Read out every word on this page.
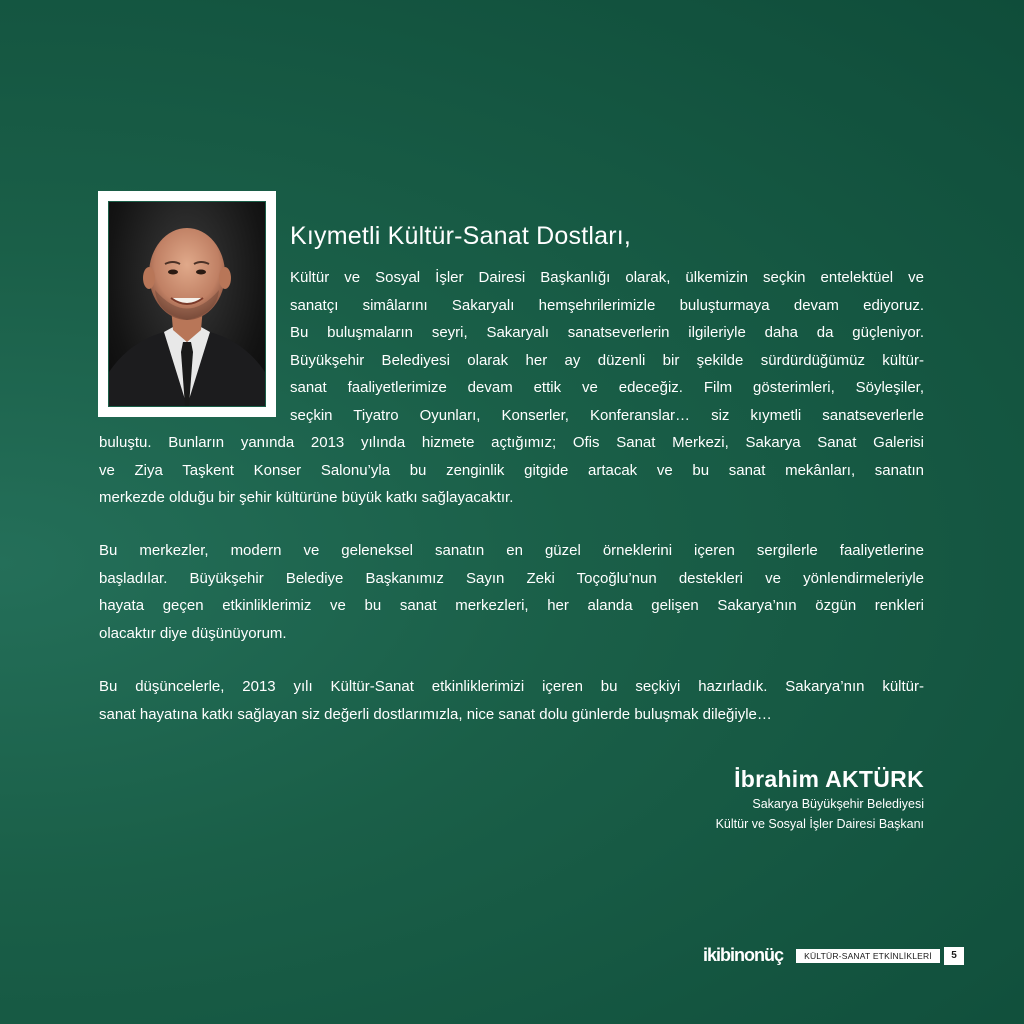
Kıymetli Kültür-Sanat Dostları,
Kültür ve Sosyal İşler Dairesi Başkanlığı olarak, ülkemizin seçkin entelektüel ve
sanatçı simâlarını Sakaryalı hemşehrilerimizle buluşturmaya devam ediyoruz.
Bu buluşmaların seyri, Sakaryalı sanatseverlerin ilgileriyle daha da güçleniyor.
Büyükşehir Belediyesi olarak her ay düzenli bir şekilde sürdürdüğümüz kültür-
sanat faaliyetlerimize devam ettik ve edeceğiz. Film gösterimleri, Söyleşiler,
seçkin Tiyatro Oyunları, Konserler, Konferanslar… siz kıymetli sanatseverlerle
buluştu. Bunların yanında 2013 yılında hizmete açtığımız; Ofis Sanat Merkezi, Sakarya Sanat Galerisi
ve Ziya Taşkent Konser Salonu’yla bu zenginlik gitgide artacak ve bu sanat mekânları, sanatın
merkezde olduğu bir şehir kültürüne büyük katkı sağlayacaktır.
Bu merkezler, modern ve geleneksel sanatın en güzel örneklerini içeren sergilerle faaliyetlerine
başladılar. Büyükşehir Belediye Başkanımız Sayın Zeki Toçoğlu’nun destekleri ve yönlendirmeleriyle
hayata geçen etkinliklerimiz ve bu sanat merkezleri, her alanda gelişen Sakarya’nın özgün renkleri
olacaktır diye düşünüyorum.
Bu düşüncelerle, 2013 yılı Kültür-Sanat etkinliklerimizi içeren bu seçkiyi hazırladık. Sakarya’nın kültür-
sanat hayatına katkı sağlayan siz değerli dostlarımızla, nice sanat dolu günlerde buluşmak dileğiyle…
İbrahim AKTÜRK
Sakarya Büyükşehir Belediyesi
Kültür ve Sosyal İşler Dairesi Başkanı
ikibinonüç	KÜLTÜR-SANAT ETKİNLİKLERİ	5
